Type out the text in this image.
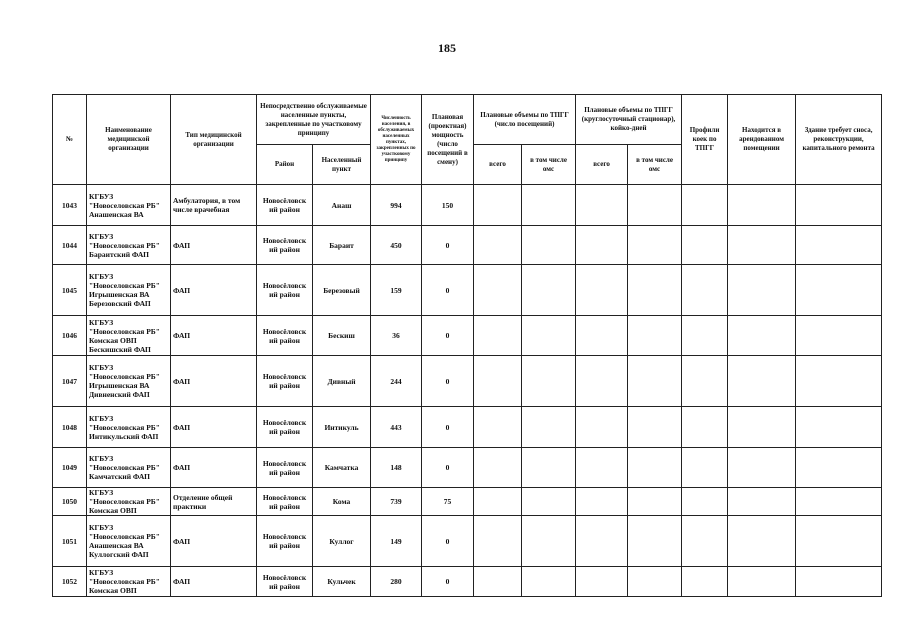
185
№	Наименование медицинской организации	Тип медицинской организации	Непосредственно обслуживаемые населенные пункты, закрепленные по участковому принципу		Численность населения, в обслуживаемых населенных пунктах, закрепленных по участковому принципу	Плановая (проектная) мощность (число посещений в смену)	Плановые объемы по ТПГГ (число посещений)		Плановые объемы по ТПГГ (круглосуточный стационар), койко-дней		Профили коек по ТПГГ	Находится в арендованном помещении	Здание требует сноса, реконструкции, капитального ремонта
			Район	Населенный пункт			всего	в том числе омс	всего	в том числе омс			
1043	КГБУЗ "Новоселовская РБ" Анашенская ВА	Амбулатория, в том числе врачебная	Новосёловск ий район	Анаш	994	150							
1044	КГБУЗ "Новоселовская РБ" Бараитский ФАП	ФАП	Новосёловск ий район	Бараит	450	0							
1045	КГБУЗ "Новоселовская РБ" Игрышенская ВА Березовский ФАП	ФАП	Новосёловск ий район	Березовый	159	0							
1046	КГБУЗ "Новоселовская РБ" Комская ОВП Бескишский ФАП	ФАП	Новосёловск ий район	Бескиш	36	0							
1047	КГБУЗ "Новоселовская РБ" Игрышенская ВА Дивненский ФАП	ФАП	Новосёловск ий район	Дивный	244	0							
1048	КГБУЗ "Новоселовская РБ" Интикульский ФАП	ФАП	Новосёловск ий район	Интикуль	443	0							
1049	КГБУЗ "Новоселовская РБ" Камчатский ФАП	ФАП	Новосёловск ий район	Камчатка	148	0							
1050	КГБУЗ "Новоселовская РБ" Комская ОВП	Отделение общей практики	Новосёловск ий район	Кома	739	75							
1051	КГБУЗ "Новоселовская РБ" Анашенская ВА Куллогский ФАП	ФАП	Новосёловск ий район	Куллог	149	0							
1052	КГБУЗ "Новоселовская РБ" Комская ОВП	ФАП	Новосёловск ий район	Кульчек	280	0							
